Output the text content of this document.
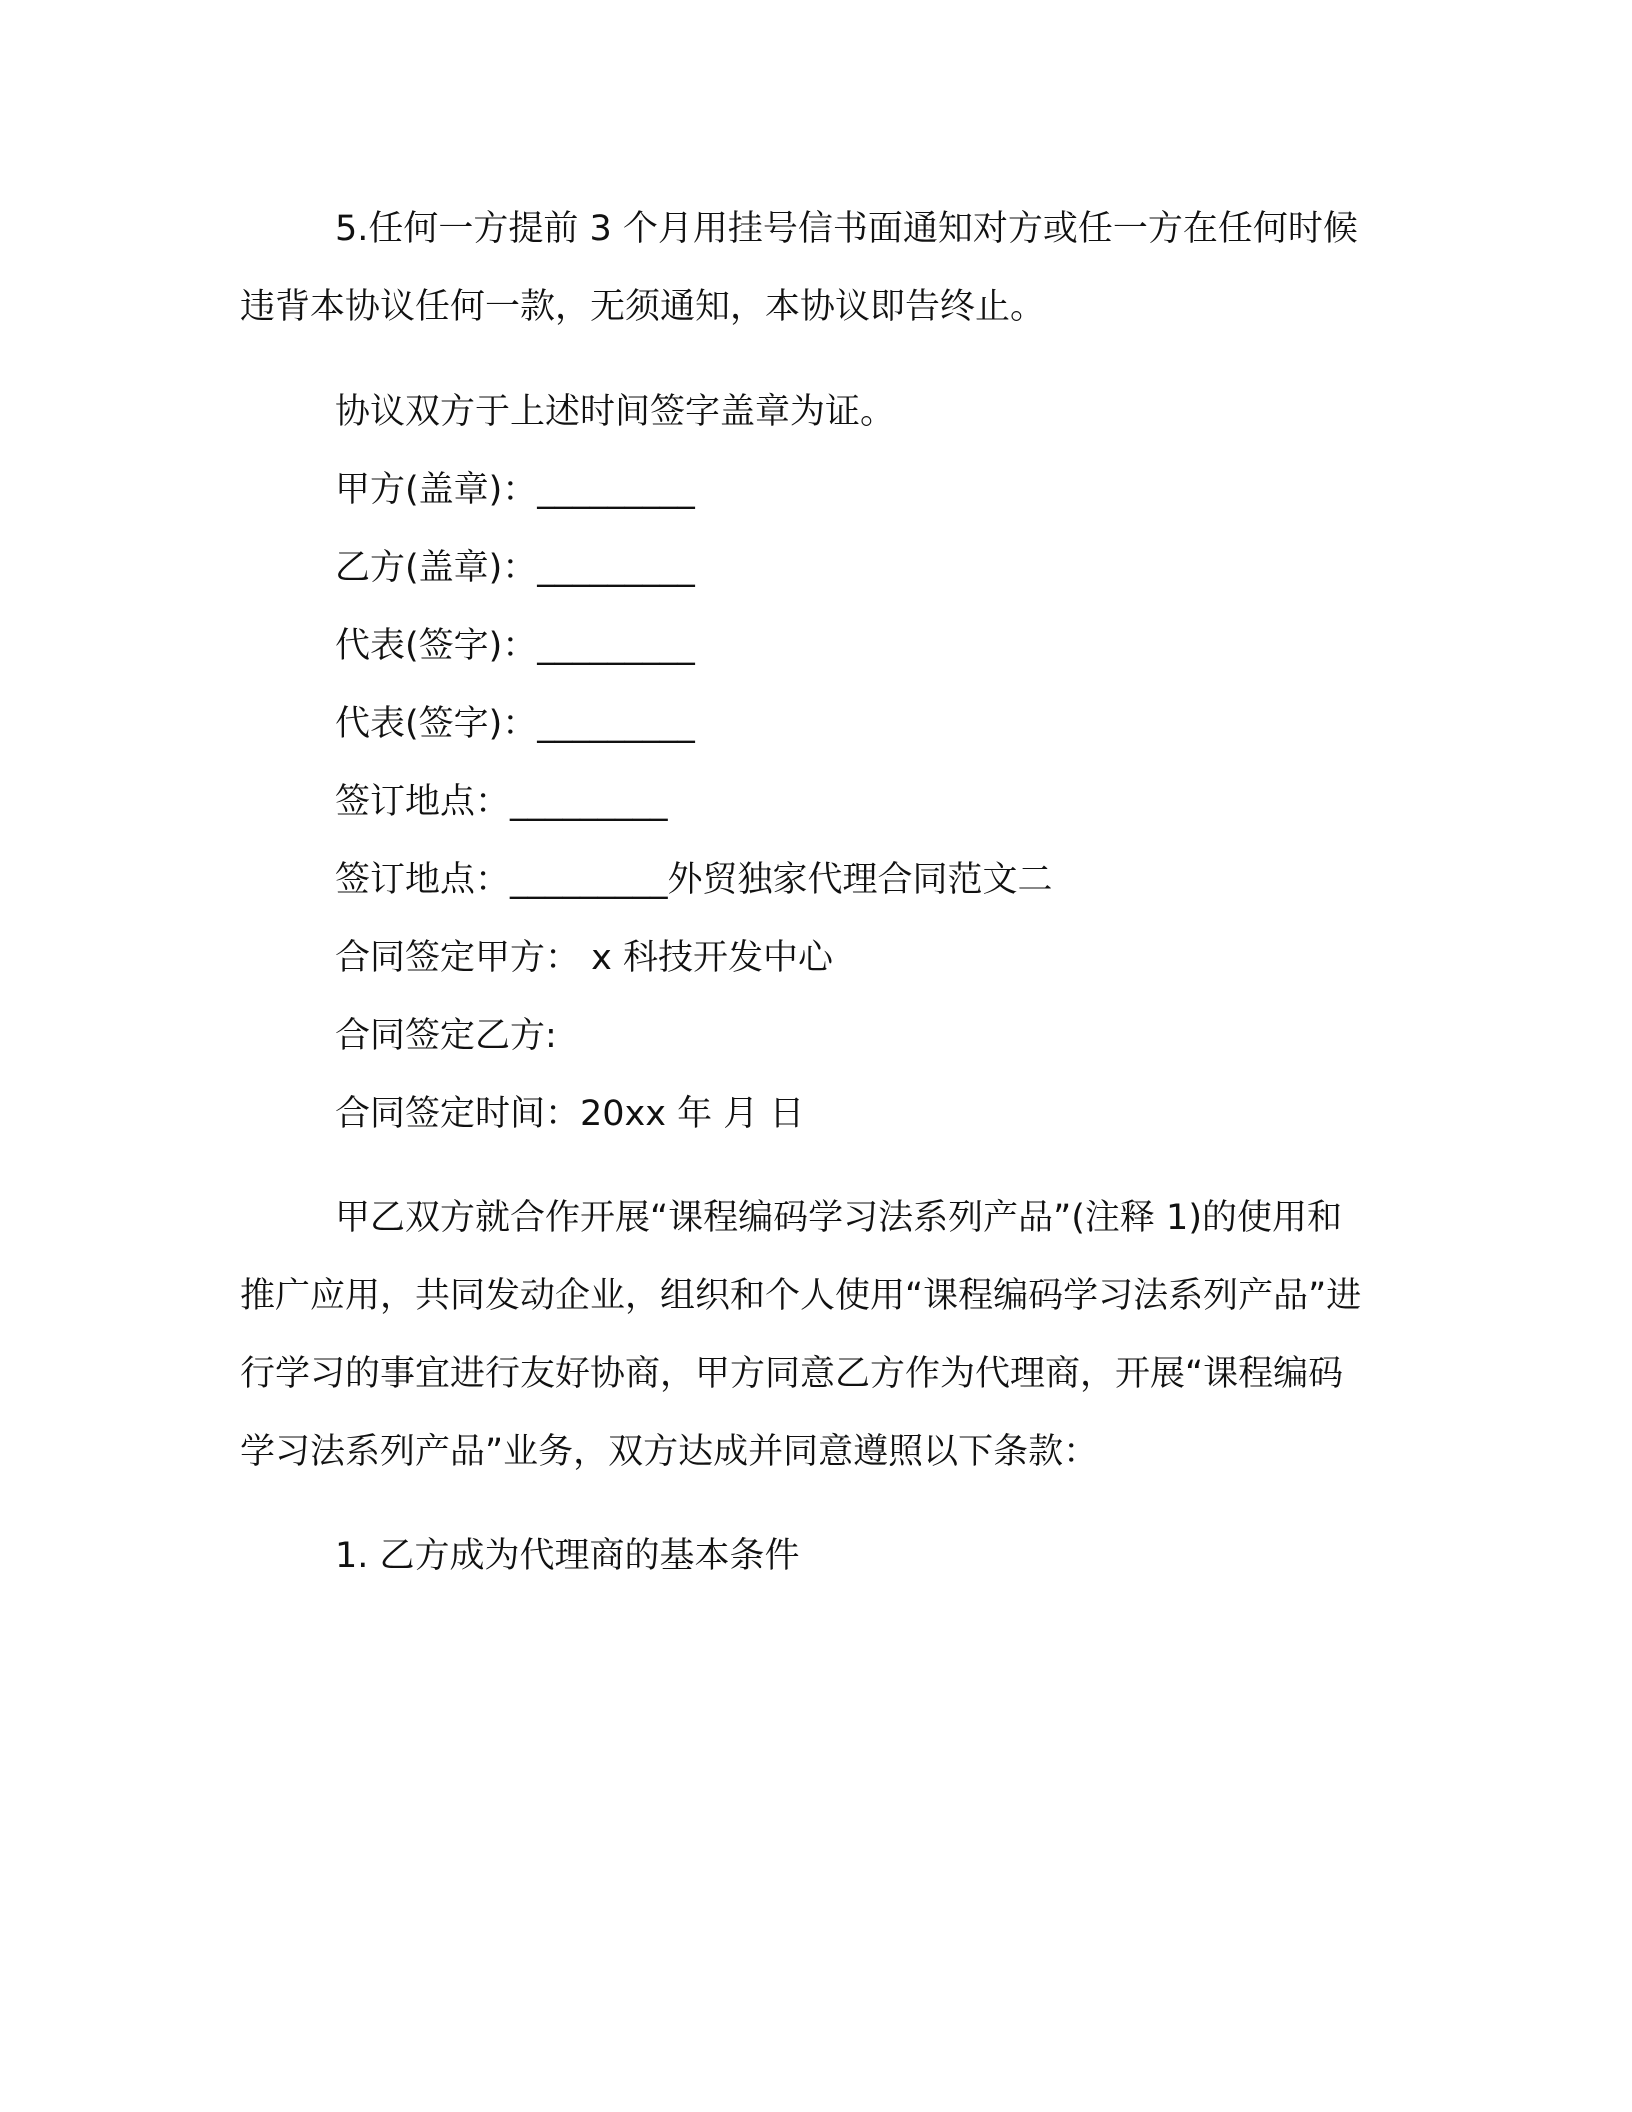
5.任何一方提前 3 个月用挂号信书面通知对方或任一方在任何时候违背本协议任何一款，无须通知，本协议即告终止。

协议双方于上述时间签字盖章为证。

甲方(盖章)：_________

乙方(盖章)：_________

代表(签字)：_________

代表(签字)：_________

签订地点：_________

签订地点：_________外贸独家代理合同范文二

合同签定甲方： x 科技开发中心

合同签定乙方:

合同签定时间：20xx 年 月 日

甲乙双方就合作开展“课程编码学习法系列产品”(注释 1)的使用和推广应用，共同发动企业，组织和个人使用“课程编码学习法系列产品”进行学习的事宜进行友好协商，甲方同意乙方作为代理商，开展“课程编码学习法系列产品”业务，双方达成并同意遵照以下条款：

1. 乙方成为代理商的基本条件
